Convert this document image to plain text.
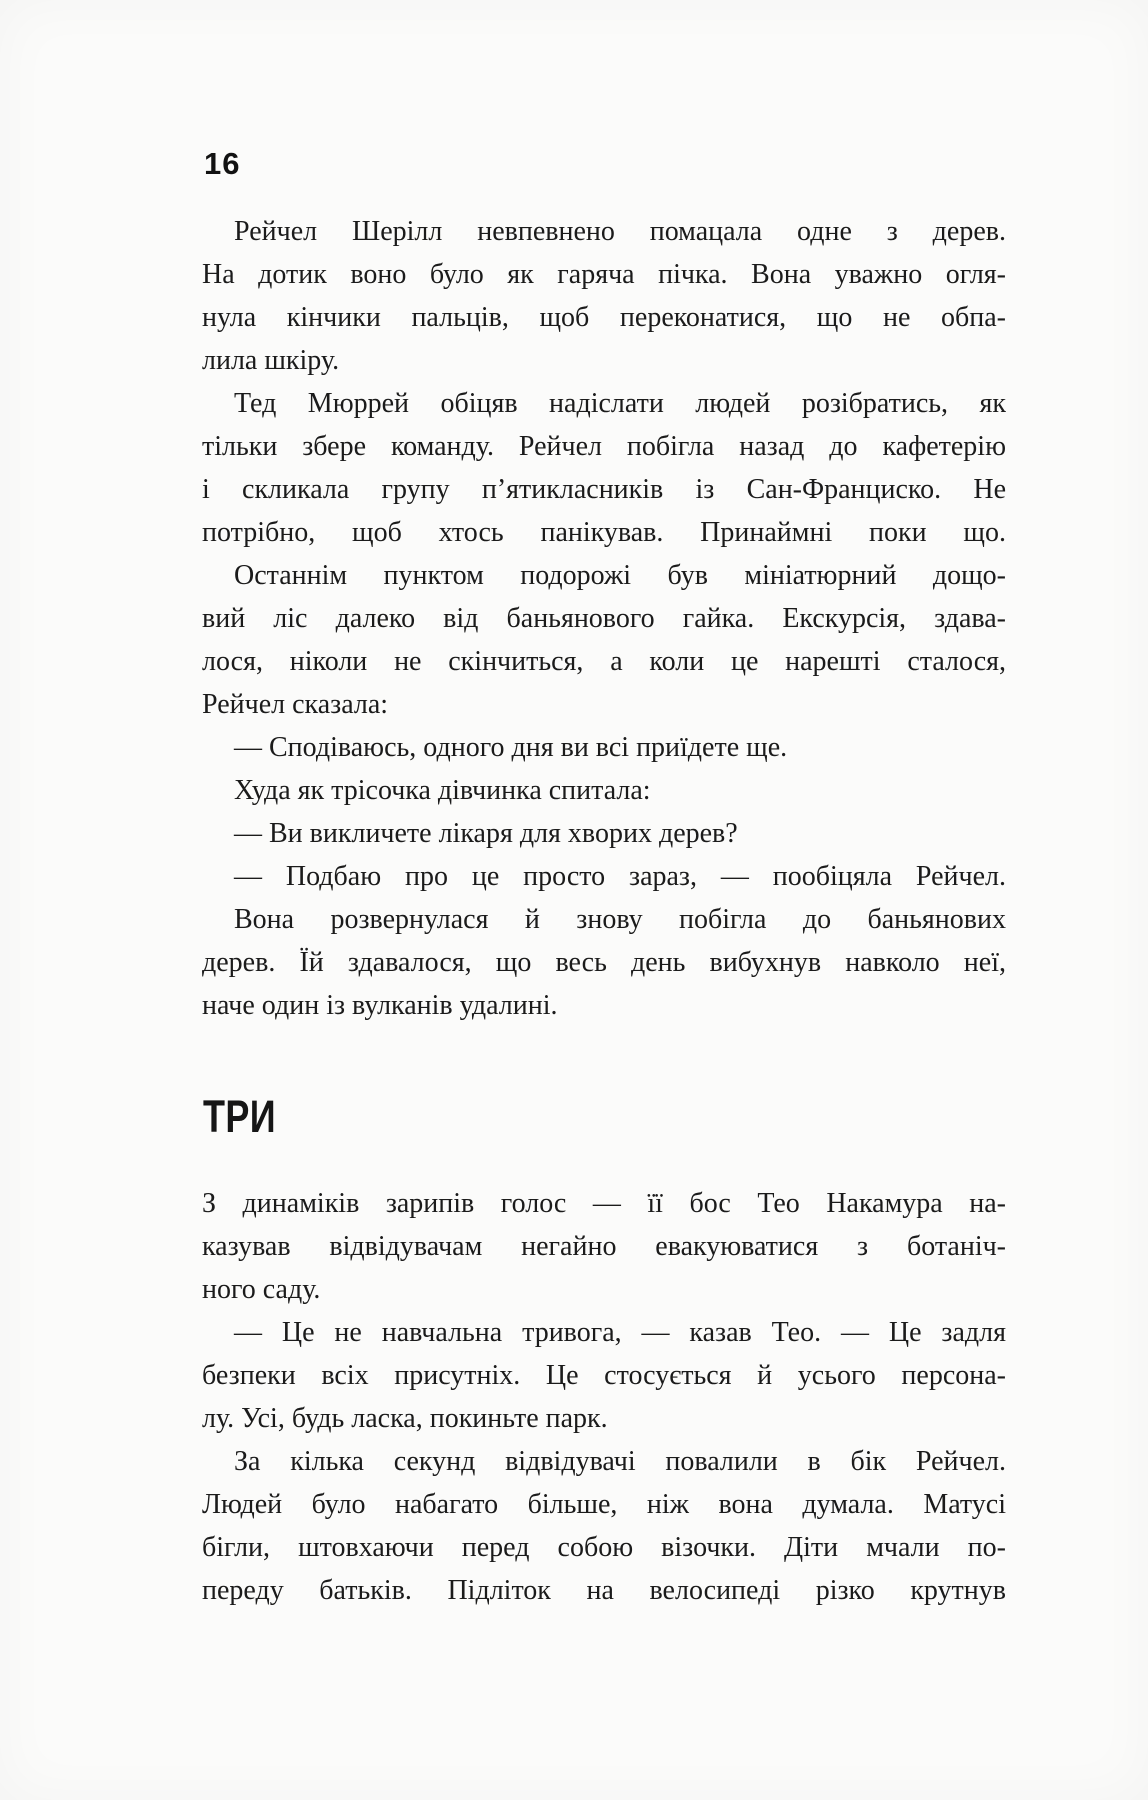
16
Рейчел Шерілл невпевнено помацала одне з дерев.
На дотик воно було як гаряча пічка. Вона уважно огля-
нула кінчики пальців, щоб переконатися, що не обпа-
лила шкіру.
Тед Мюррей обіцяв надіслати людей розібратись, як
тільки збере команду. Рейчел побігла назад до кафетерію
і скликала групу п’ятикласників із Сан-Франциско. Не
потрібно, щоб хтось панікував. Принаймні поки що.
Останнім пунктом подорожі був мініатюрний дощо-
вий ліс далеко від баньянового гайка. Екскурсія, здава-
лося, ніколи не скінчиться, а коли це нарешті сталося,
Рейчел сказала:
— Сподіваюсь, одного дня ви всі приїдете ще.
Худа як трісочка дівчинка спитала:
— Ви викличете лікаря для хворих дерев?
— Подбаю про це просто зараз, — пообіцяла Рейчел.
Вона розвернулася й знову побігла до баньянових
дерев. Їй здавалося, що весь день вибухнув навколо неї,
наче один із вулканів удалині.
ТРИ
З динаміків зарипів голос — її бос Тео Накамура на-
казував відвідувачам негайно евакуюватися з ботаніч-
ного саду.
— Це не навчальна тривога, — казав Тео. — Це задля
безпеки всіх присутніх. Це стосується й усього персона-
лу. Усі, будь ласка, покиньте парк.
За кілька секунд відвідувачі повалили в бік Рейчел.
Людей було набагато більше, ніж вона думала. Матусі
бігли, штовхаючи перед собою візочки. Діти мчали по-
переду батьків. Підліток на велосипеді різко крутнув
